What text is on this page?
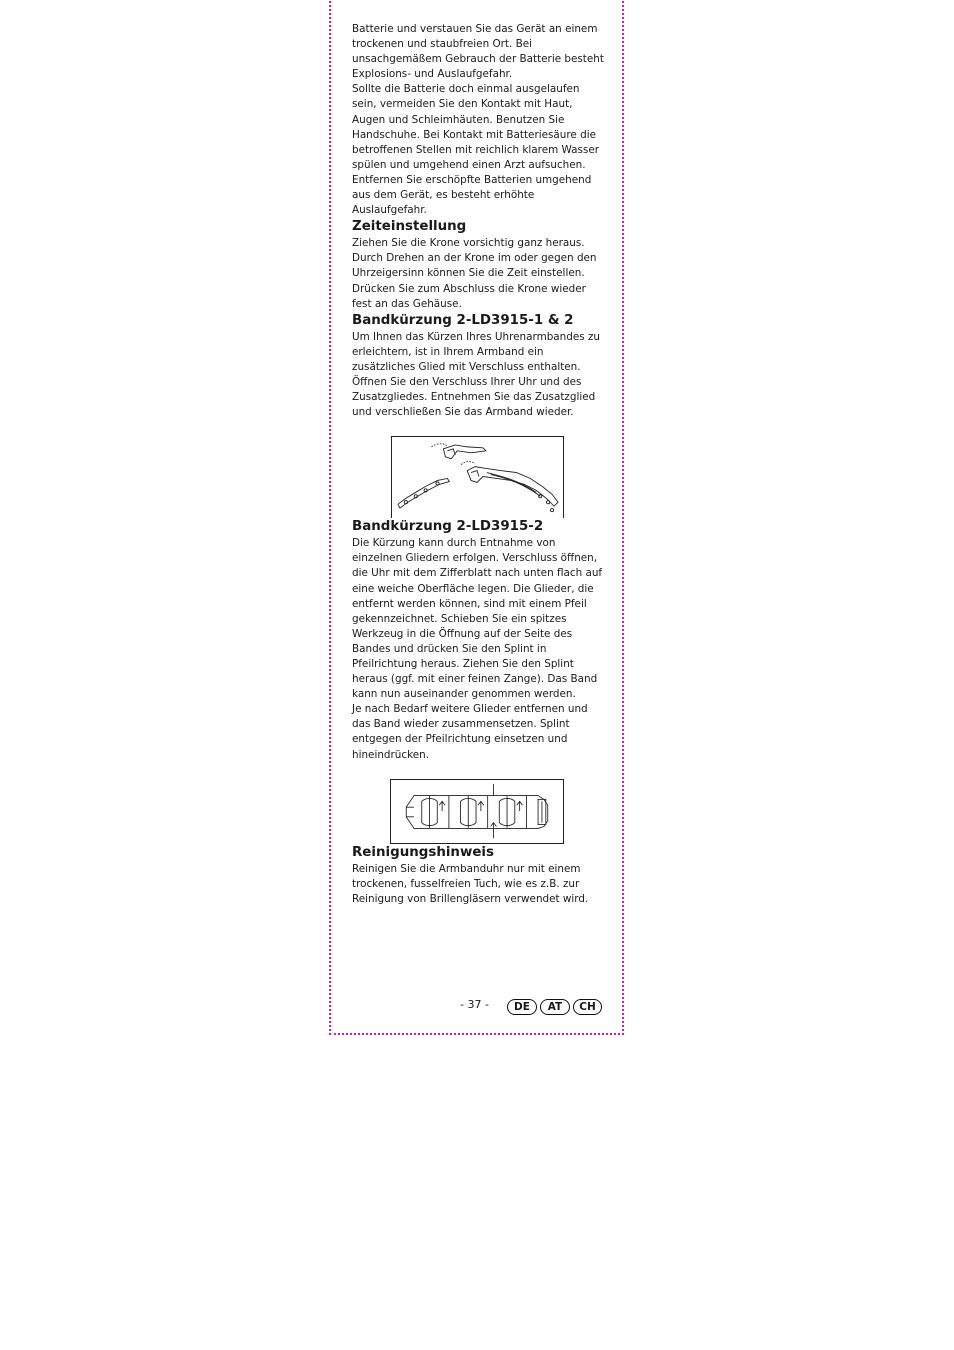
Batterie und verstauen Sie das Gerät an einem trockenen und staubfreien Ort. Bei unsachgemäßem Gebrauch der Batterie besteht Explosions- und Auslaufgefahr.

Sollte die Batterie doch einmal ausgelaufen sein, vermeiden Sie den Kontakt mit Haut, Augen und Schleimhäuten. Benutzen Sie Handschuhe. Bei Kontakt mit Batteriesäure die betroffenen Stellen mit reichlich klarem Wasser spülen und umgehend einen Arzt aufsuchen. Entfernen Sie erschöpfte Batterien umgehend aus dem Gerät, es besteht erhöhte Auslaufgefahr.

Zeiteinstellung

Ziehen Sie die Krone vorsichtig ganz heraus. Durch Drehen an der Krone im oder gegen den Uhrzeigersinn können Sie die Zeit einstellen. Drücken Sie zum Abschluss die Krone wieder fest an das Gehäuse.

Bandkürzung 2-LD3915-1 & 2

Um Ihnen das Kürzen Ihres Uhrenarmbandes zu erleichtern, ist in Ihrem Armband ein zusätzliches Glied mit Verschluss enthalten. Öffnen Sie den Verschluss Ihrer Uhr und des Zusatzgliedes. Entnehmen Sie das Zusatzglied und verschließen Sie das Armband wieder.

Bandkürzung 2-LD3915-2

Die Kürzung kann durch Entnahme von einzelnen Gliedern erfolgen. Verschluss öffnen, die Uhr mit dem Zifferblatt nach unten flach auf eine weiche Oberfläche legen. Die Glieder, die entfernt werden können, sind mit einem Pfeil gekennzeichnet. Schieben Sie ein spitzes Werkzeug in die Öffnung auf der Seite des Bandes und drücken Sie den Splint in Pfeilrichtung heraus. Ziehen Sie den Splint heraus (ggf. mit einer feinen Zange). Das Band kann nun auseinander genommen werden.

Je nach Bedarf weitere Glieder entfernen und das Band wieder zusammensetzen. Splint entgegen der Pfeilrichtung einsetzen und hineindrücken.

Reinigungshinweis

Reinigen Sie die Armbanduhr nur mit einem trockenen, fusselfreien Tuch, wie es z.B. zur Reinigung von Brillengläsern verwendet wird.

- 37 -	DE	AT	CH
